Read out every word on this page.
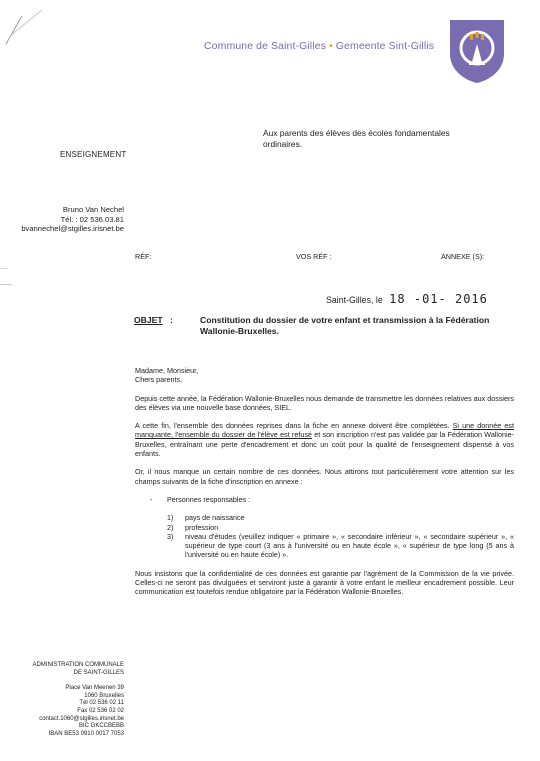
Commune de Saint-Gilles • Gemeente Sint-Gillis
Aux parents des élèves des écoles fondamentales
ordinaires.
ENSEIGNEMENT
Bruno Van Nechel
Tél. : 02 536.03.81
bvannechel@stgilles.irisnet.be
RÉF:	VOS RÉF :	ANNEXE (S):
Saint-Gilles, le 18 -01- 2016
OBJET :	Constitution du dossier de votre enfant et transmission à la Fédération Wallonie-Bruxelles.

Madame, Monsieur,
Chers parents,

Depuis cette année, la Fédération Wallonie-Bruxelles nous demande de transmettre les données relatives aux dossiers des élèves via une nouvelle base données, SIEL.

A cette fin, l'ensemble des données reprises dans la fiche en annexe doivent être complétées. Si une donnée est manquante, l'ensemble du dossier de l'élève est refusé et son inscription n'est pas validée par la Fédération Wallonie-Bruxelles, entraînant une perte d'encadrement et donc un coût pour la qualité de l'enseignement dispensé à vos enfants.

Or, il nous manque un certain nombre de ces données. Nous attirons tout particulièrement votre attention sur les champs suivants de la fiche d'inscription en annexe :

-	Personnes responsables :
1)	pays de naissance
2)	profession
3)	niveau d'études (veuillez indiquer « primaire », « secondaire inférieur », « secondaire supérieur », « supérieur de type court (3 ans à l'université ou en haute école », « supérieur de type long (5 ans à l'université ou en haute école) ».

Nous insistons que la confidentialité de ces données est garantie par l'agrément de la Commission de la vie privée. Celles-ci ne seront pas divulguées et serviront juste à garantir à votre enfant le meilleur encadrement possible. Leur communication est toutefois rendue obligatoire par la Fédération Wallonie-Bruxelles.

ADMINISTRATION COMMUNALE
DE SAINT-GILLES
Place Van Meenen 39
1060 Bruxelles
Tél 02 536 02 11
Fax 02 536 02 02
contact.1060@stgilles.irisnet.be
BIC GKCCBEBB
IBAN BE53 0910 0017 7053
